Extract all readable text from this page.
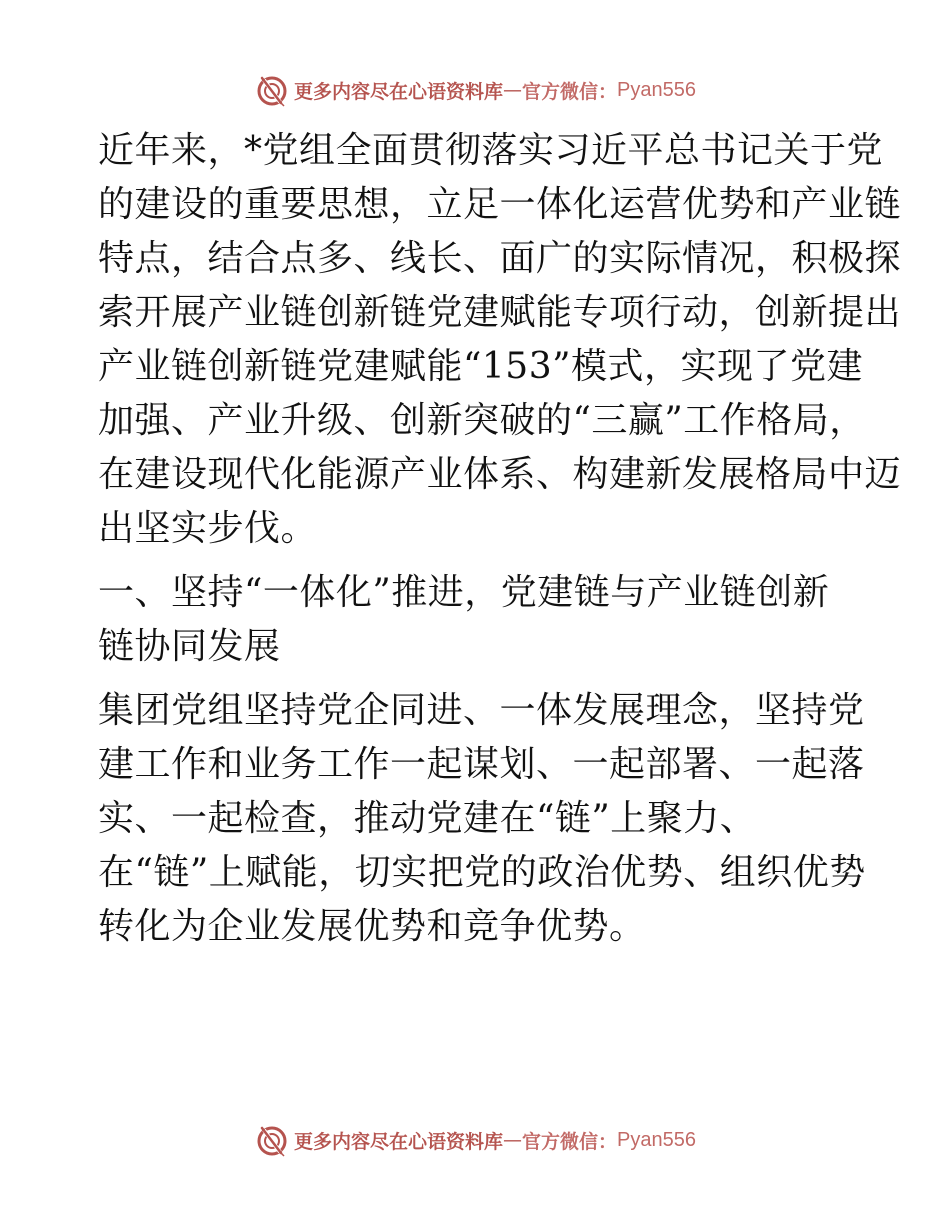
更多内容尽在心语资料库 — 官方微信： Pyan556
近年来，*党组全面贯彻落实习近平总书记关于党
的建设的重要思想，立足一体化运营优势和产业链
特点，结合点多、线长、面广的实际情况，积极探
索开展产业链创新链党建赋能专项行动，创新提出
产业链创新链党建赋能“153”模式，实现了党建
加强、产业升级、创新突破的“三赢”工作格局，
在建设现代化能源产业体系、构建新发展格局中迈
出坚实步伐。
一、坚持“一体化”推进，党建链与产业链创新
链协同发展
集团党组坚持党企同进、一体发展理念，坚持党
建工作和业务工作一起谋划、一起部署、一起落
实、一起检查，推动党建在“链”上聚力、
在“链”上赋能，切实把党的政治优势、组织优势
转化为企业发展优势和竞争优势。
更多内容尽在心语资料库 — 官方微信： Pyan556
